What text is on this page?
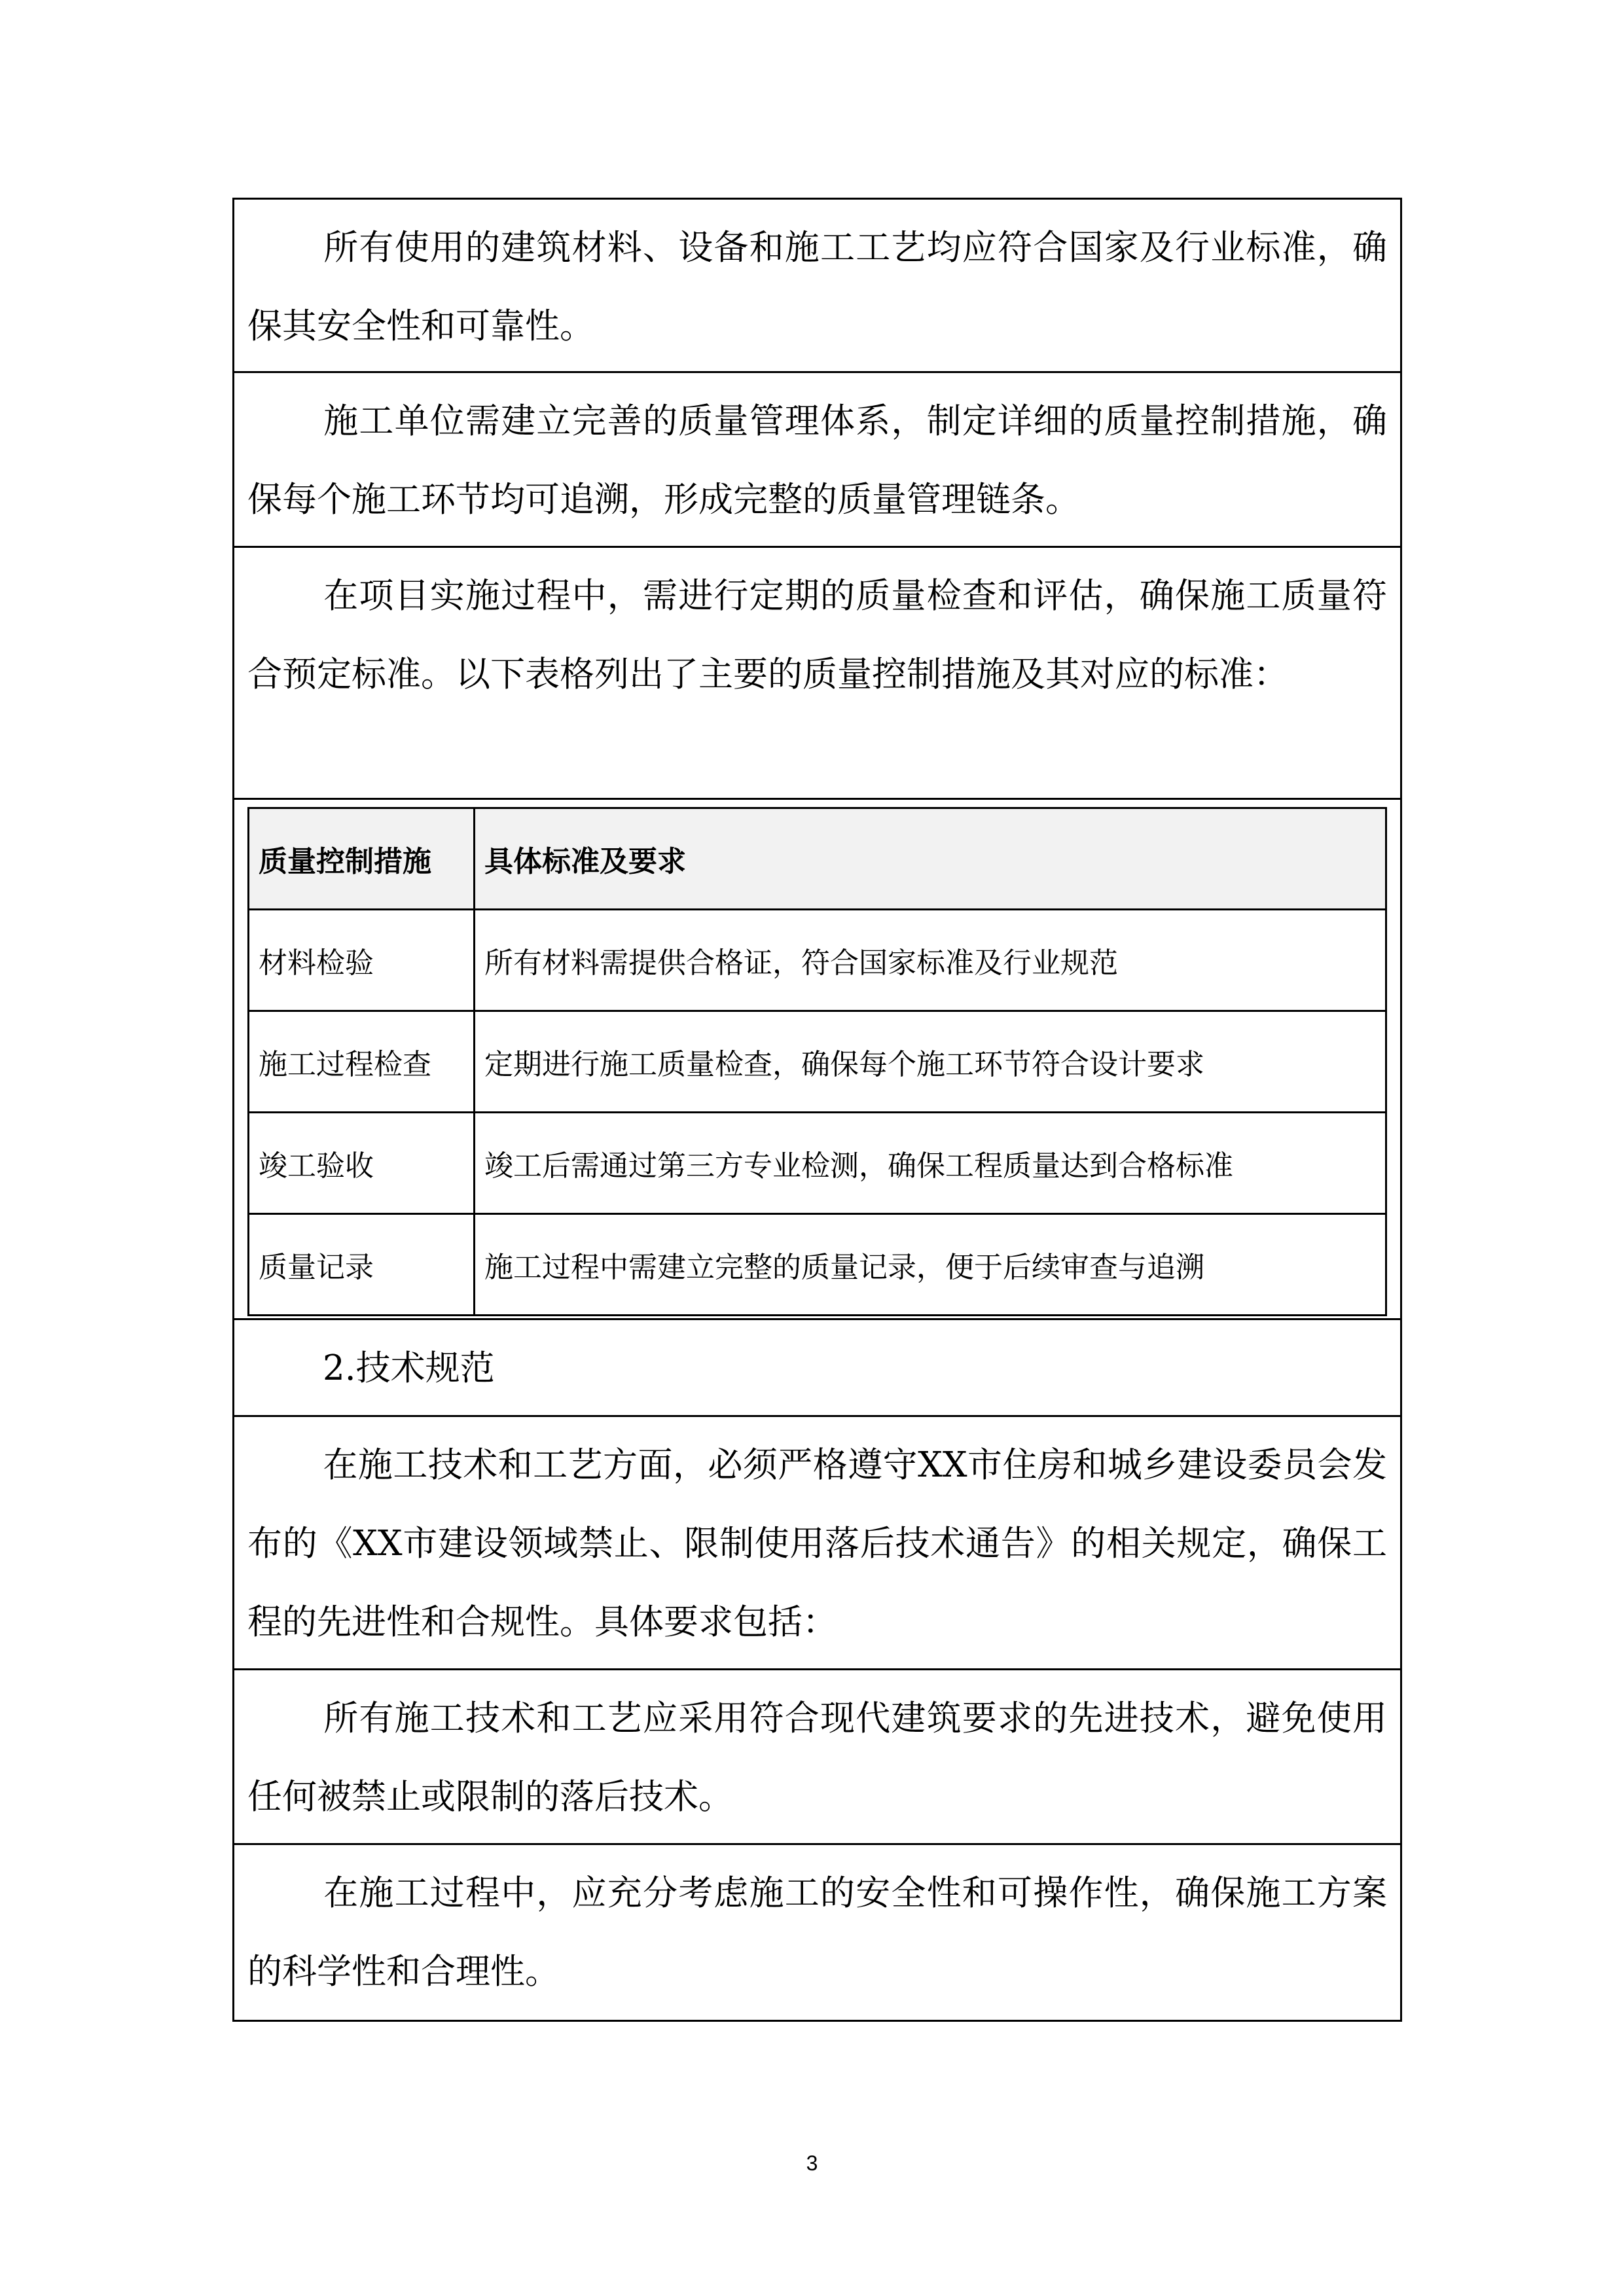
所有使用的建筑材料、设备和施工工艺均应符合国家及行业标准，确保其安全性和可靠性。
施工单位需建立完善的质量管理体系，制定详细的质量控制措施，确保每个施工环节均可追溯，形成完整的质量管理链条。
在项目实施过程中，需进行定期的质量检查和评估，确保施工质量符合预定标准。以下表格列出了主要的质量控制措施及其对应的标准：
质量控制措施	具体标准及要求
材料检验	所有材料需提供合格证，符合国家标准及行业规范
施工过程检查	定期进行施工质量检查，确保每个施工环节符合设计要求
竣工验收	竣工后需通过第三方专业检测，确保工程质量达到合格标准
质量记录	施工过程中需建立完整的质量记录，便于后续审查与追溯
2.技术规范
在施工技术和工艺方面，必须严格遵守XX市住房和城乡建设委员会发布的《XX市建设领域禁止、限制使用落后技术通告》的相关规定，确保工程的先进性和合规性。具体要求包括：
所有施工技术和工艺应采用符合现代建筑要求的先进技术，避免使用任何被禁止或限制的落后技术。
在施工过程中，应充分考虑施工的安全性和可操作性，确保施工方案的科学性和合理性。
3
